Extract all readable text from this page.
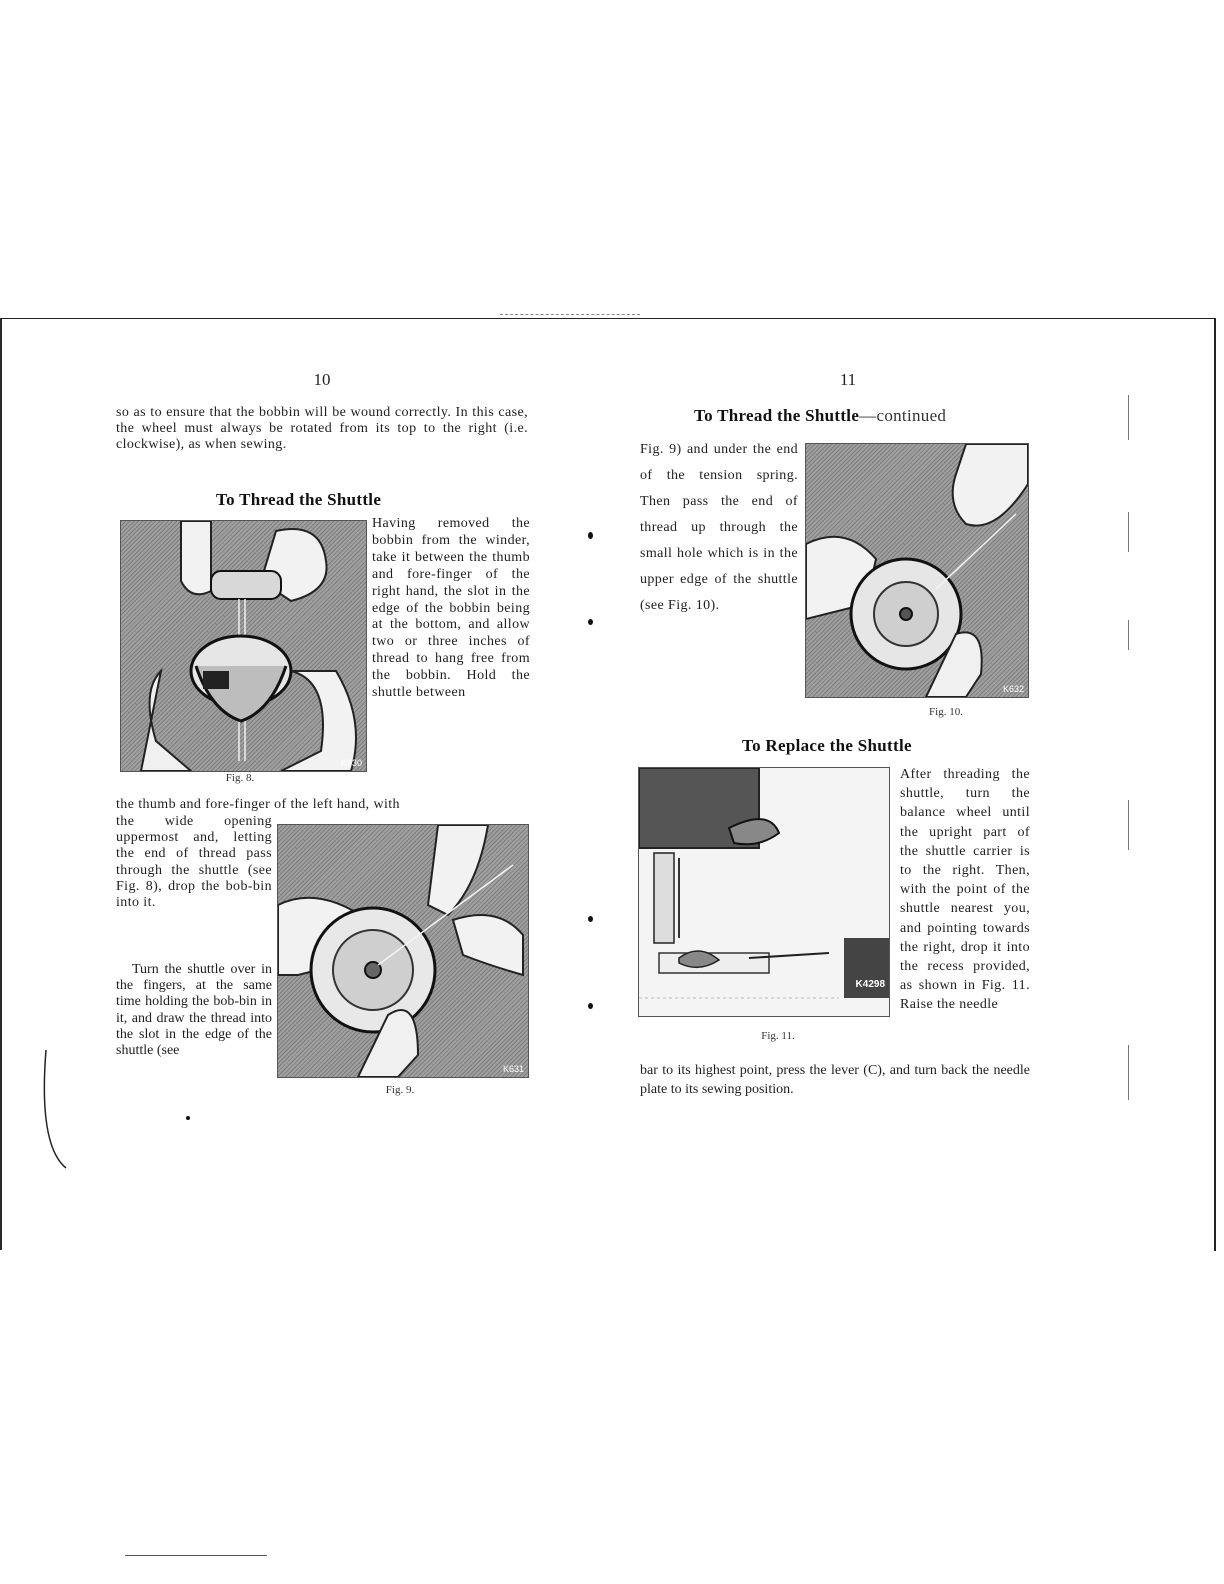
10
so as to ensure that the bobbin will be wound correctly. In this case, the wheel must always be rotated from its top to the right (i.e. clockwise), as when sewing.
To Thread the Shuttle
K630
Fig. 8.
Having removed the bobbin from the winder, take it between the thumb and fore-finger of the right hand, the slot in the edge of the bobbin being at the bottom, and allow two or three inches of thread to hang free from the bobbin. Hold the shuttle between
the thumb and fore-finger of the left hand, with
the wide opening uppermost and, letting the end of thread pass through the shuttle (see Fig. 8), drop the bob-bin into it.
Turn the shuttle over in the fingers, at the same time holding the bob-bin in it, and draw the thread into the slot in the edge of the shuttle (see
K631
Fig. 9.
11
To Thread the Shuttle—continued
Fig. 9) and under the end of the tension spring. Then pass the end of thread up through the small hole which is in the upper edge of the shuttle (see Fig. 10).
K632
Fig. 10.
To Replace the Shuttle
K4298
Fig. 11.
After threading the shuttle, turn the balance wheel until the upright part of the shuttle carrier is to the right. Then, with the point of the shuttle nearest you, and pointing towards the right, drop it into the recess provided, as shown in Fig. 11. Raise the needle
bar to its highest point, press the lever (C), and turn back the needle plate to its sewing position.
